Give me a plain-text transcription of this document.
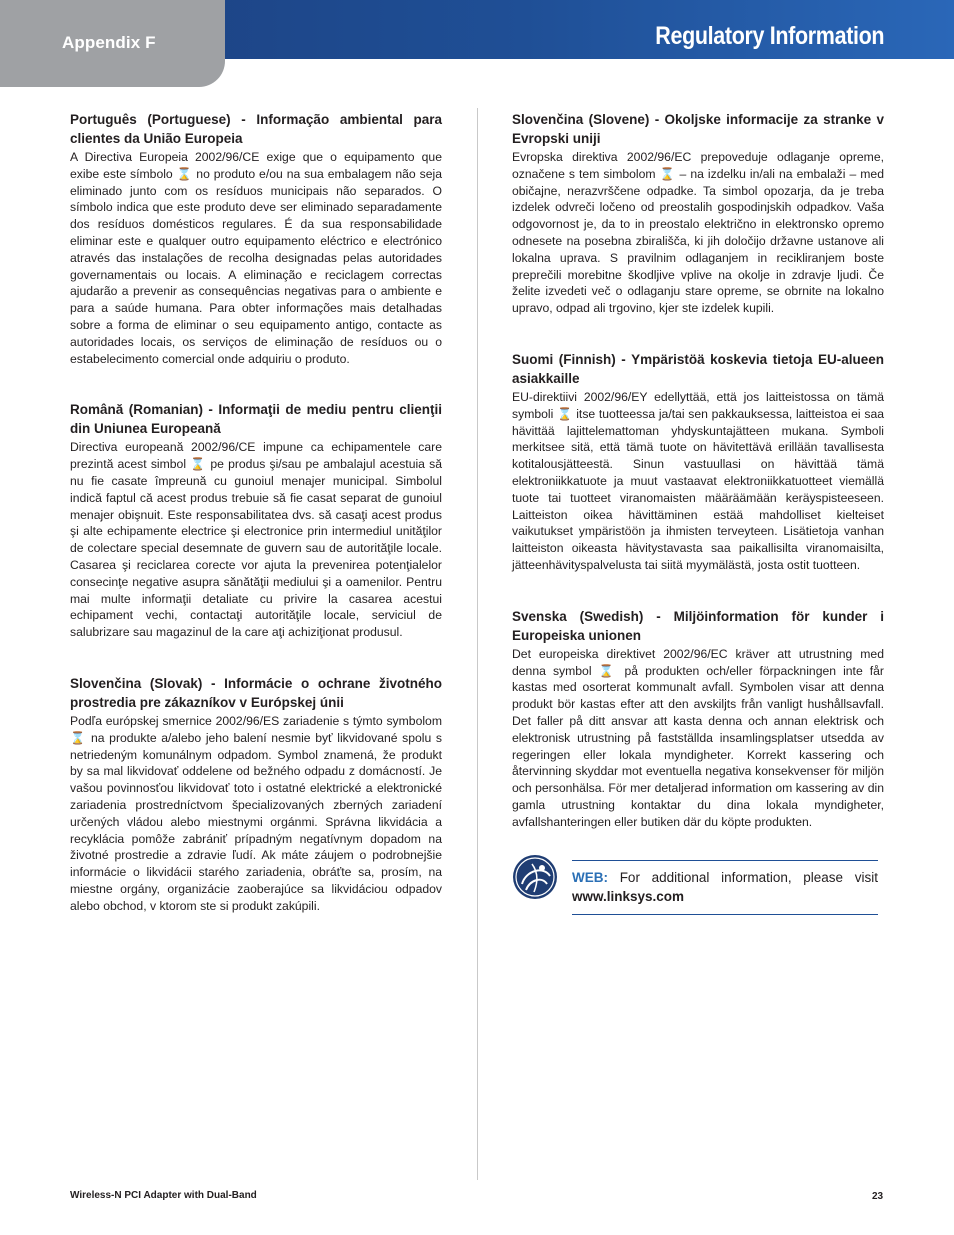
Appendix F	Regulatory Information
Português (Portuguese) - Informação ambiental para clientes da União Europeia
A Directiva Europeia 2002/96/CE exige que o equipamento que exibe este símbolo ⌛ no produto e/ou na sua embalagem não seja eliminado junto com os resíduos municipais não separados. O símbolo indica que este produto deve ser eliminado separadamente dos resíduos domésticos regulares. É da sua responsabilidade eliminar este e qualquer outro equipamento eléctrico e electrónico através das instalações de recolha designadas pelas autoridades governamentais ou locais. A eliminação e reciclagem correctas ajudarão a prevenir as consequências negativas para o ambiente e para a saúde humana. Para obter informações mais detalhadas sobre a forma de eliminar o seu equipamento antigo, contacte as autoridades locais, os serviços de eliminação de resíduos ou o estabelecimento comercial onde adquiriu o produto.
Română (Romanian) - Informaţii de mediu pentru clienţii din Uniunea Europeană
Directiva europeană 2002/96/CE impune ca echipamentele care prezintă acest simbol ⌛ pe produs şi/sau pe ambalajul acestuia să nu fie casate împreună cu gunoiul menajer municipal. Simbolul indică faptul că acest produs trebuie să fie casat separat de gunoiul menajer obişnuit. Este responsabilitatea dvs. să casaţi acest produs şi alte echipamente electrice şi electronice prin intermediul unităţilor de colectare special desemnate de guvern sau de autorităţile locale. Casarea şi reciclarea corecte vor ajuta la prevenirea potenţialelor consecinţe negative asupra sănătăţii mediului şi a oamenilor. Pentru mai multe informaţii detaliate cu privire la casarea acestui echipament vechi, contactaţi autorităţile locale, serviciul de salubrizare sau magazinul de la care aţi achiziţionat produsul.
Slovenčina (Slovak) - Informácie o ochrane životného prostredia pre zákazníkov v Európskej únii
Podľa európskej smernice 2002/96/ES zariadenie s týmto symbolom ⌛ na produkte a/alebo jeho balení nesmie byť likvidované spolu s netriedeným komunálnym odpadom. Symbol znamená, že produkt by sa mal likvidovať oddelene od bežného odpadu z domácností. Je vašou povinnosťou likvidovať toto i ostatné elektrické a elektronické zariadenia prostredníctvom špecializovaných zberných zariadení určených vládou alebo miestnymi orgánmi. Správna likvidácia a recyklácia pomôže zabrániť prípadným negatívnym dopadom na životné prostredie a zdravie ľudí. Ak máte záujem o podrobnejšie informácie o likvidácii starého zariadenia, obráťte sa, prosím, na miestne orgány, organizácie zaoberajúce sa likvidáciou odpadov alebo obchod, v ktorom ste si produkt zakúpili.
Slovenčina (Slovene) - Okoljske informacije za stranke v Evropski uniji
Evropska direktiva 2002/96/EC prepoveduje odlaganje opreme, označene s tem simbolom ⌛ – na izdelku in/ali na embalaži – med običajne, nerazvrščene odpadke. Ta simbol opozarja, da je treba izdelek odvreči ločeno od preostalih gospodinjskih odpadkov. Vaša odgovornost je, da to in preostalo električno in elektronsko opremo odnesete na posebna zbirališča, ki jih določijo državne ustanove ali lokalna uprava. S pravilnim odlaganjem in recikliranjem boste preprečili morebitne škodljive vplive na okolje in zdravje ljudi. Če želite izvedeti več o odlaganju stare opreme, se obrnite na lokalno upravo, odpad ali trgovino, kjer ste izdelek kupili.
Suomi (Finnish) - Ympäristöä koskevia tietoja EU-alueen asiakkaille
EU-direktiivi 2002/96/EY edellyttää, että jos laitteistossa on tämä symboli ⌛ itse tuotteessa ja/tai sen pakkauksessa, laitteistoa ei saa hävittää lajittelemattoman yhdyskuntajätteen mukana. Symboli merkitsee sitä, että tämä tuote on hävitettävä erillään tavallisesta kotitalousjätteestä. Sinun vastuullasi on hävittää tämä elektroniikkatuote ja muut vastaavat elektroniikkatuotteet viemällä tuote tai tuotteet viranomaisten määräämään keräyspisteeseen. Laitteiston oikea hävittäminen estää mahdolliset kielteiset vaikutukset ympäristöön ja ihmisten terveyteen. Lisätietoja vanhan laitteiston oikeasta hävitystavasta saa paikallisilta viranomaisilta, jätteenhävityspalvelusta tai siitä myymälästä, josta ostit tuotteen.
Svenska (Swedish) - Miljöinformation för kunder i Europeiska unionen
Det europeiska direktivet 2002/96/EC kräver att utrustning med denna symbol ⌛ på produkten och/eller förpackningen inte får kastas med osorterat kommunalt avfall. Symbolen visar att denna produkt bör kastas efter att den avskiljts från vanligt hushållsavfall. Det faller på ditt ansvar att kasta denna och annan elektrisk och elektronisk utrustning på fastställda insamlingsplatser utsedda av regeringen eller lokala myndigheter. Korrekt kassering och återvinning skyddar mot eventuella negativa konsekvenser för miljön och personhälsa. För mer detaljerad information om kassering av din gamla utrustning kontaktar du dina lokala myndigheter, avfallshanteringen eller butiken där du köpte produkten.
WEB: For additional information, please visit www.linksys.com
Wireless-N PCI Adapter with Dual-Band	23
